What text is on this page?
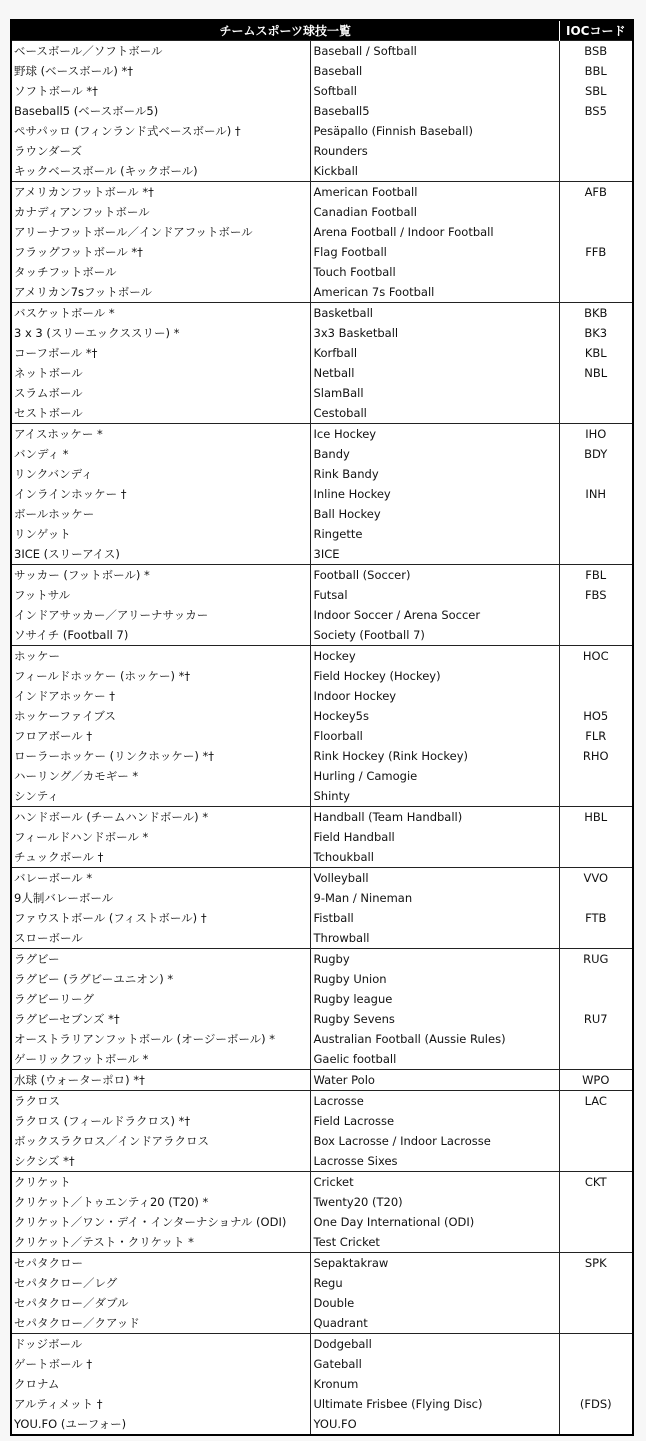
チームスポーツ球技一覧		IOCコード
ベースボール／ソフトボール	Baseball / Softball	BSB
野球 (ベースボール) *†	Baseball	BBL
ソフトボール *†	Softball	SBL
Baseball5 (ベースボール5)	Baseball5	BS5
ペサパッロ (フィンランド式ベースボール) †	Pesäpallo (Finnish Baseball)	
ラウンダーズ	Rounders	
キックベースボール (キックボール)	Kickball	
アメリカンフットボール *†	American Football	AFB
カナディアンフットボール	Canadian Football	
アリーナフットボール／インドアフットボール	Arena Football / Indoor Football	
フラッグフットボール *†	Flag Football	FFB
タッチフットボール	Touch Football	
アメリカン7sフットボール	American 7s Football	
バスケットボール *	Basketball	BKB
3 x 3 (スリーエックススリー) *	3x3 Basketball	BK3
コーフボール *†	Korfball	KBL
ネットボール	Netball	NBL
スラムボール	SlamBall	
セストボール	Cestoball	
アイスホッケー *	Ice Hockey	IHO
バンディ *	Bandy	BDY
リンクバンディ	Rink Bandy	
インラインホッケー †	Inline Hockey	INH
ボールホッケー	Ball Hockey	
リンゲット	Ringette	
3ICE (スリーアイス)	3ICE	
サッカー (フットボール) *	Football (Soccer)	FBL
フットサル	Futsal	FBS
インドアサッカー／アリーナサッカー	Indoor Soccer / Arena Soccer	
ソサイチ (Football 7)	Society (Football 7)	
ホッケー	Hockey	HOC
フィールドホッケー (ホッケー) *†	Field Hockey (Hockey)	
インドアホッケー †	Indoor Hockey	
ホッケーファイブス	Hockey5s	HO5
フロアボール †	Floorball	FLR
ローラーホッケー (リンクホッケー) *†	Rink Hockey (Rink Hockey)	RHO
ハーリング／カモギー *	Hurling / Camogie	
シンティ	Shinty	
ハンドボール (チームハンドボール) *	Handball (Team Handball)	HBL
フィールドハンドボール *	Field Handball	
チュックボール †	Tchoukball	
バレーボール *	Volleyball	VVO
9人制バレーボール	9-Man / Nineman	
ファウストボール (フィストボール) †	Fistball	FTB
スローボール	Throwball	
ラグビー	Rugby	RUG
ラグビー (ラグビーユニオン) *	Rugby Union	
ラグビーリーグ	Rugby league	
ラグビーセブンズ *†	Rugby Sevens	RU7
オーストラリアンフットボール (オージーボール) *	Australian Football (Aussie Rules)	
ゲーリックフットボール *	Gaelic football	
水球 (ウォーターポロ) *†	Water Polo	WPO
ラクロス	Lacrosse	LAC
ラクロス (フィールドラクロス) *†	Field Lacrosse	
ボックスラクロス／インドアラクロス	Box Lacrosse / Indoor Lacrosse	
シクシズ *†	Lacrosse Sixes	
クリケット	Cricket	CKT
クリケット／トゥエンティ20 (T20) *	Twenty20 (T20)	
クリケット／ワン・デイ・インターナショナル (ODI)	One Day International (ODI)	
クリケット／テスト・クリケット *	Test Cricket	
セパタクロー	Sepaktakraw	SPK
セパタクロー／レグ	Regu	
セパタクロー／ダブル	Double	
セパタクロー／クアッド	Quadrant	
ドッジボール	Dodgeball	
ゲートボール †	Gateball	
クロナム	Kronum	
アルティメット †	Ultimate Frisbee (Flying Disc)	(FDS)
YOU.FO (ユーフォー)	YOU.FO	
